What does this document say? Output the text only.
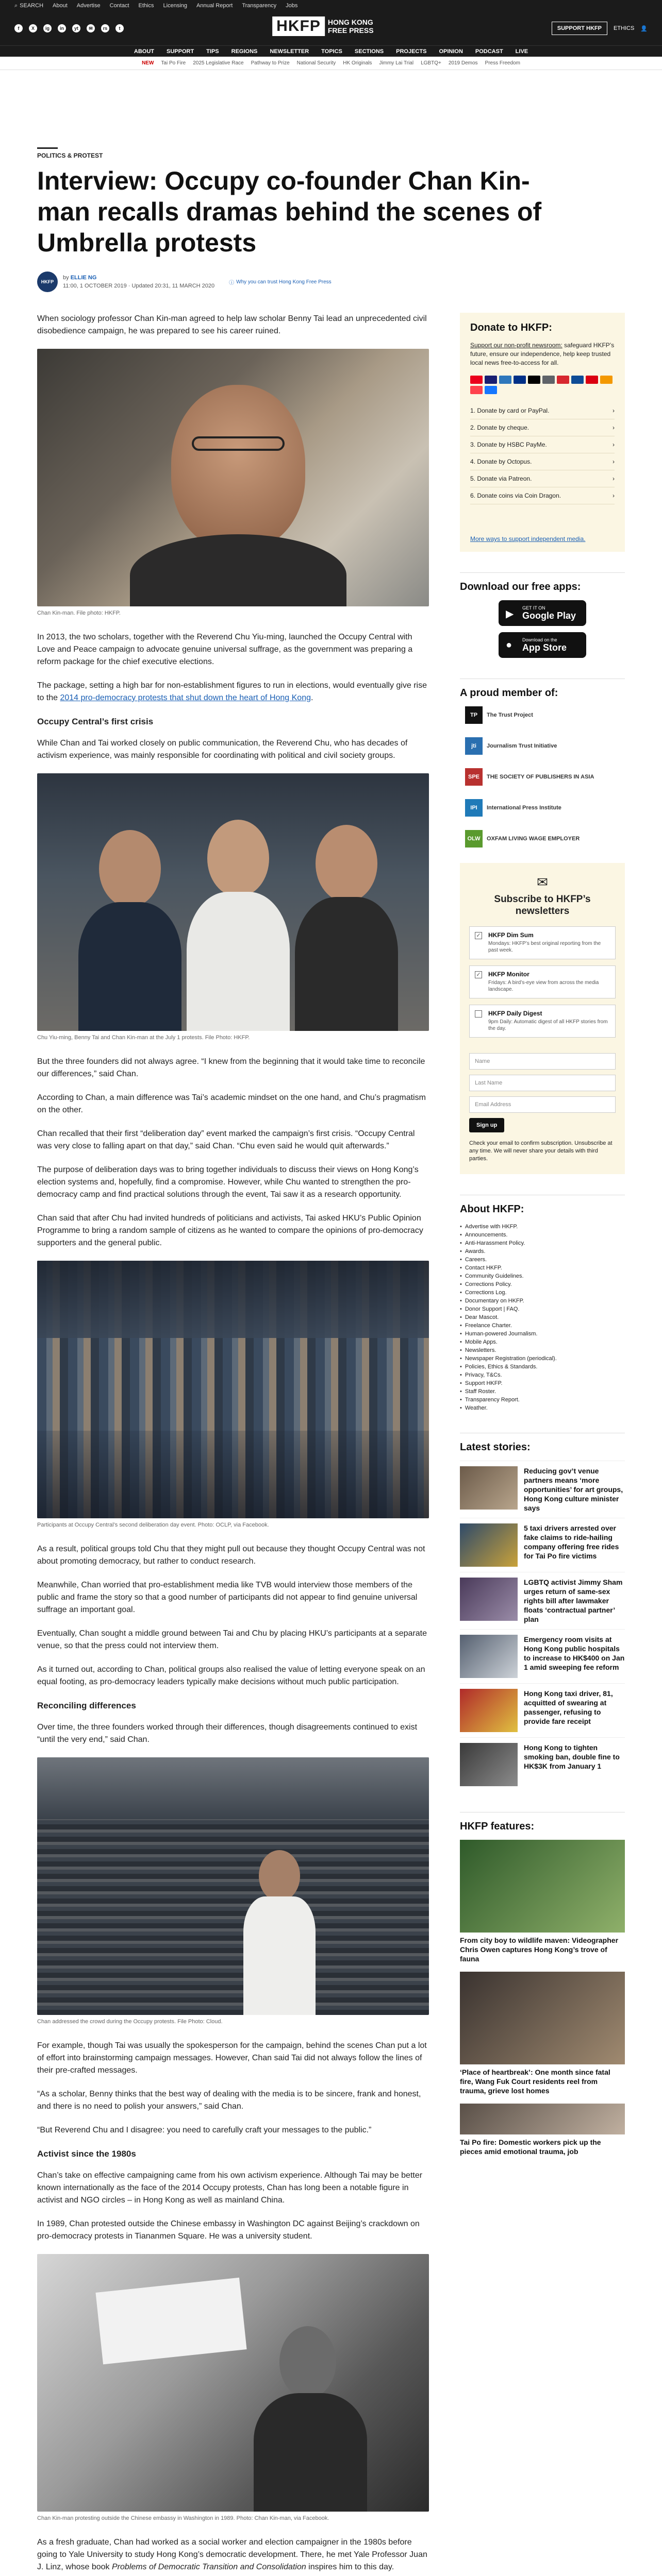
⌕ SEARCH About Advertise Contact Ethics Licensing Annual Report Transparency Jobs
f	X	ig	in	yt	✉	rs	t	HKFP	HONG KONG FREE PRESS	SUPPORT HKFP	ETHICS 👤
ABOUT SUPPORT TIPS REGIONS NEWSLETTER TOPICS SECTIONS PROJECTS OPINION PODCAST LIVE
NEW Tai Po Fire 2025 Legislative Race Pathway to Prize National Security HK Originals Jimmy Lai Trial LGBTQ+ 2019 Demos Press Freedom
POLITICS & PROTEST
Interview: Occupy co-founder Chan Kin-man recalls dramas behind the scenes of Umbrella protests
HKFP
by ELLIE NG
11:00, 1 OCTOBER 2019 · Updated 20:31, 11 MARCH 2020	ⓘ Why you can trust Hong Kong Free Press

When sociology professor Chan Kin-man agreed to help law scholar Benny Tai lead an unprecedented civil disobedience campaign, he was prepared to see his career ruined.

Chan Kin-man. File photo: HKFP.

In 2013, the two scholars, together with the Reverend Chu Yiu-ming, launched the Occupy Central with Love and Peace campaign to advocate genuine universal suffrage, as the government was preparing a reform package for the chief executive elections.

The package, setting a high bar for non-establishment figures to run in elections, would eventually give rise to the 2014 pro-democracy protests that shut down the heart of Hong Kong.

Occupy Central’s first crisis

While Chan and Tai worked closely on public communication, the Reverend Chu, who has decades of activism experience, was mainly responsible for coordinating with political and civil society groups.

Chu Yiu-ming, Benny Tai and Chan Kin-man at the July 1 protests. File Photo: HKFP.

But the three founders did not always agree. “I knew from the beginning that it would take time to reconcile our differences,” said Chan.

According to Chan, a main difference was Tai’s academic mindset on the one hand, and Chu’s pragmatism on the other.

Chan recalled that their first “deliberation day” event marked the campaign’s first crisis. “Occupy Central was very close to falling apart on that day,” said Chan. “Chu even said he would quit afterwards.”

The purpose of deliberation days was to bring together individuals to discuss their views on Hong Kong’s election systems and, hopefully, find a compromise. However, while Chu wanted to strengthen the pro-democracy camp and find practical solutions through the event, Tai saw it as a research opportunity.

Chan said that after Chu had invited hundreds of politicians and activists, Tai asked HKU’s Public Opinion Programme to bring a random sample of citizens as he wanted to compare the opinions of pro-democracy supporters and the general public.

Participants at Occupy Central’s second deliberation day event. Photo: OCLP, via Facebook.

As a result, political groups told Chu that they might pull out because they thought Occupy Central was not about promoting democracy, but rather to conduct research.

Meanwhile, Chan worried that pro-establishment media like TVB would interview those members of the public and frame the story so that a good number of participants did not appear to find genuine universal suffrage an important goal.

Eventually, Chan sought a middle ground between Tai and Chu by placing HKU’s participants at a separate venue, so that the press could not interview them.

As it turned out, according to Chan, political groups also realised the value of letting everyone speak on an equal footing, as pro-democracy leaders typically make decisions without much public participation.

Reconciling differences

Over time, the three founders worked through their differences, though disagreements continued to exist “until the very end,” said Chan.

Chan addressed the crowd during the Occupy protests. File Photo: Cloud.

For example, though Tai was usually the spokesperson for the campaign, behind the scenes Chan put a lot of effort into brainstorming campaign messages. However, Chan said Tai did not always follow the lines of their pre-crafted messages.

“As a scholar, Benny thinks that the best way of dealing with the media is to be sincere, frank and honest, and there is no need to polish your answers,” said Chan.

“But Reverend Chu and I disagree: you need to carefully craft your messages to the public.”

Activist since the 1980s

Chan’s take on effective campaigning came from his own activism experience. Although Tai may be better known internationally as the face of the 2014 Occupy protests, Chan has long been a notable figure in activist and NGO circles – in Hong Kong as well as mainland China.

In 1989, Chan protested outside the Chinese embassy in Washington DC against Beijing’s crackdown on pro-democracy protests in Tiananmen Square. He was a university student.

Chan Kin-man protesting outside the Chinese embassy in Washington in 1989. Photo: Chan Kin-man, via Facebook.

As a fresh graduate, Chan had worked as a social worker and election campaigner in the 1980s before going to Yale University to study Hong Kong’s democratic development. There, he met Yale Professor Juan J. Linz, whose book Problems of Democratic Transition and Consolidation inspires him to this day.

Donate to HKFP:
Support our non-profit newsroom: safeguard HKFP’s future, ensure our independence, help keep trusted local news free-to-access for all.
1. Donate by card or PayPal.	›
2. Donate by cheque.	›
3. Donate by HSBC PayMe.	›
4. Donate by Octopus.	›
5. Donate via Patreon.	›
6. Donate coins via Coin Dragon.	›
More ways to support independent media.
Download our free apps:
▶
GET IT ON
Google Play
● Download on the
App Store
A proud member of:
TP	The Trust Project
jti	Journalism Trust Initiative
SPE	THE SOCIETY OF PUBLISHERS IN ASIA
IPI	International Press Institute
OLW	OXFAM LIVING WAGE EMPLOYER
✉
Subscribe to HKFP’s newsletters
✓ HKFP Dim Sum
Mondays: HKFP’s best original reporting from the past week.
✓ HKFP Monitor
Fridays: A bird’s-eye view from across the media landscape.
HKFP Daily Digest
9pm Daily: Automatic digest of all HKFP stories from the day.
Name
Last Name
Email Address
Sign up
Check your email to confirm subscription. Unsubscribe at any time. We will never share your details with third parties.
About HKFP:
• Advertise with HKFP.
• Announcements.
• Anti-Harassment Policy.
• Awards.
• Careers.
• Contact HKFP.
• Community Guidelines.
• Corrections Policy.
• Corrections Log.
• Documentary on HKFP.
• Donor Support | FAQ.
• Dear Mascot.
• Freelance Charter.
• Human-powered Journalism.
• Mobile Apps.
• Newsletters.
• Newspaper Registration (periodical).
• Policies, Ethics & Standards.
• Privacy, T&Cs.
• Support HKFP.
• Staff Roster.
• Transparency Report.
• Weather.
Latest stories:
Reducing gov’t venue partners means ‘more opportunities’ for art groups, Hong Kong culture minister says
5 taxi drivers arrested over fake claims to ride-hailing company offering free rides for Tai Po fire victims
LGBTQ activist Jimmy Sham urges return of same-sex rights bill after lawmaker floats ‘contractual partner’ plan
Emergency room visits at Hong Kong public hospitals to increase to HK$400 on Jan 1 amid sweeping fee reform
Hong Kong taxi driver, 81, acquitted of swearing at passenger, refusing to provide fare receipt
Hong Kong to tighten smoking ban, double fine to HK$3K from January 1
HKFP features:
From city boy to wildlife maven: Videographer Chris Owen captures Hong Kong’s trove of fauna
‘Place of heartbreak’: One month since fatal fire, Wang Fuk Court residents reel from trauma, grieve lost homes
Tai Po fire: Domestic workers pick up the pieces amid emotional trauma, job
